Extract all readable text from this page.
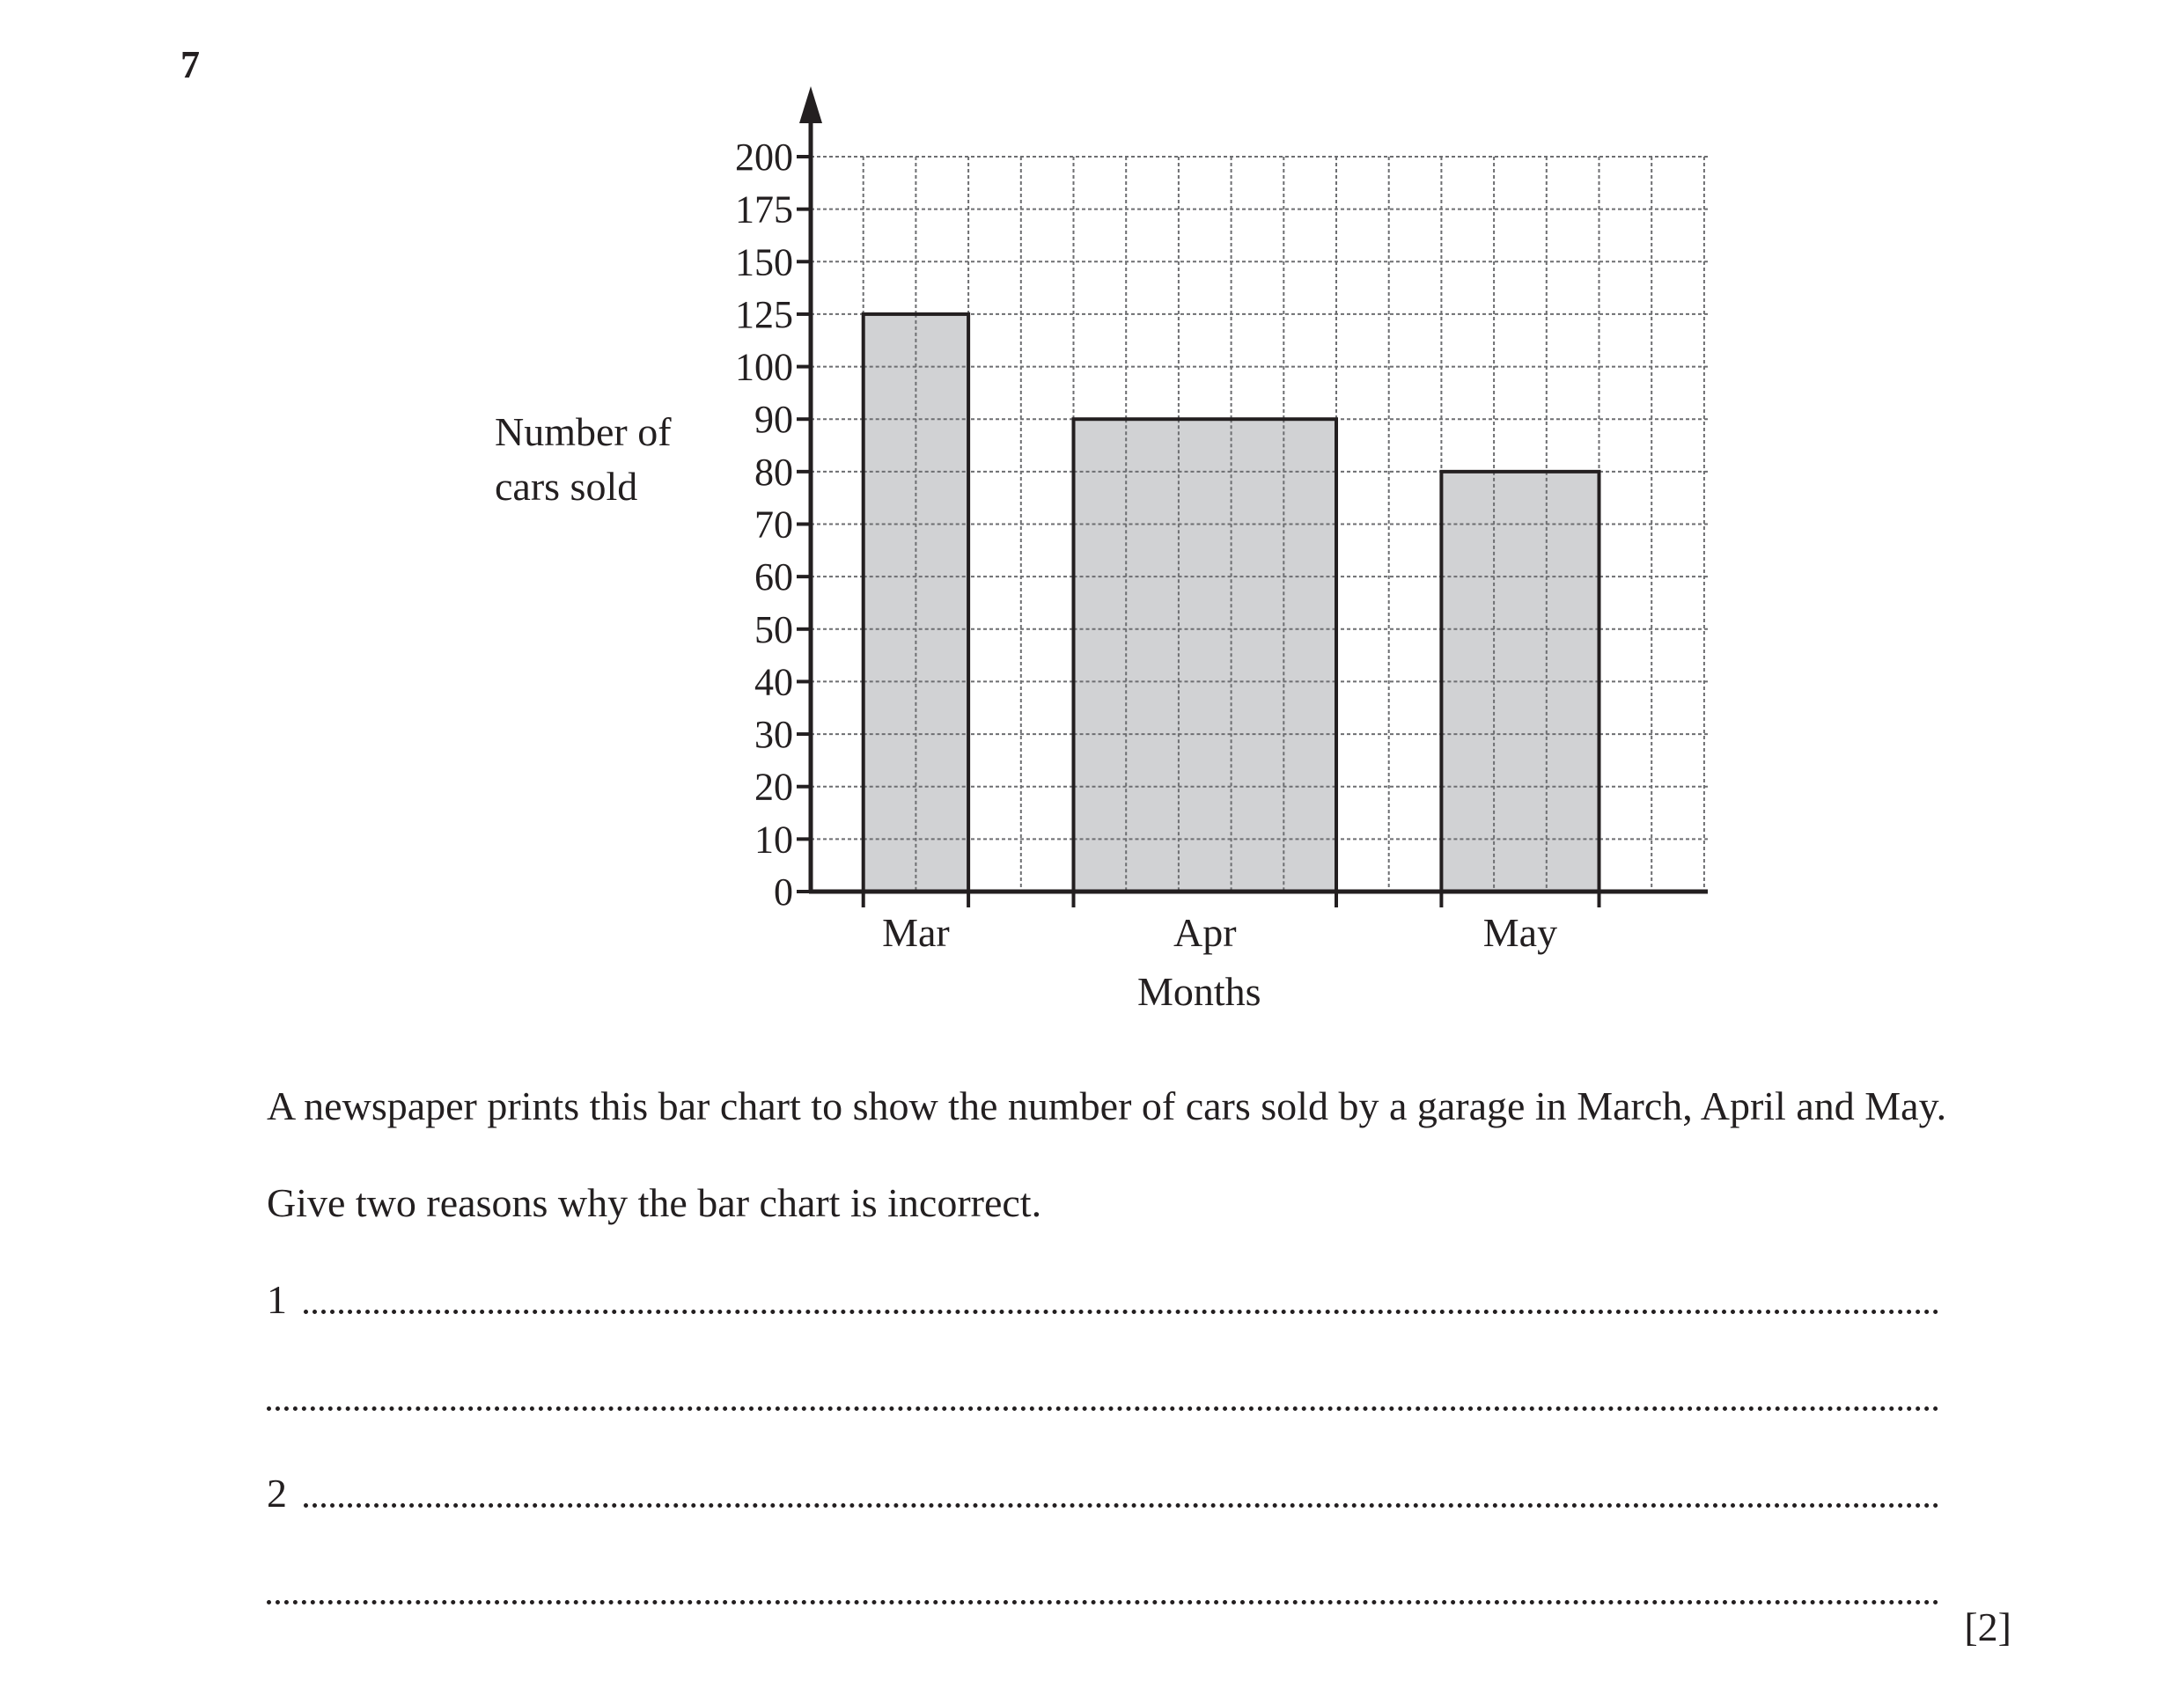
7
0
10
20
30
40
50
60
70
80
90
100
125
150
175
200
Mar	Apr	May
Number of
cars sold
Months
A newspaper prints this bar chart to show the number of cars sold by a garage in March, April and May.
Give two reasons why the bar chart is incorrect.
1
2
[2]
